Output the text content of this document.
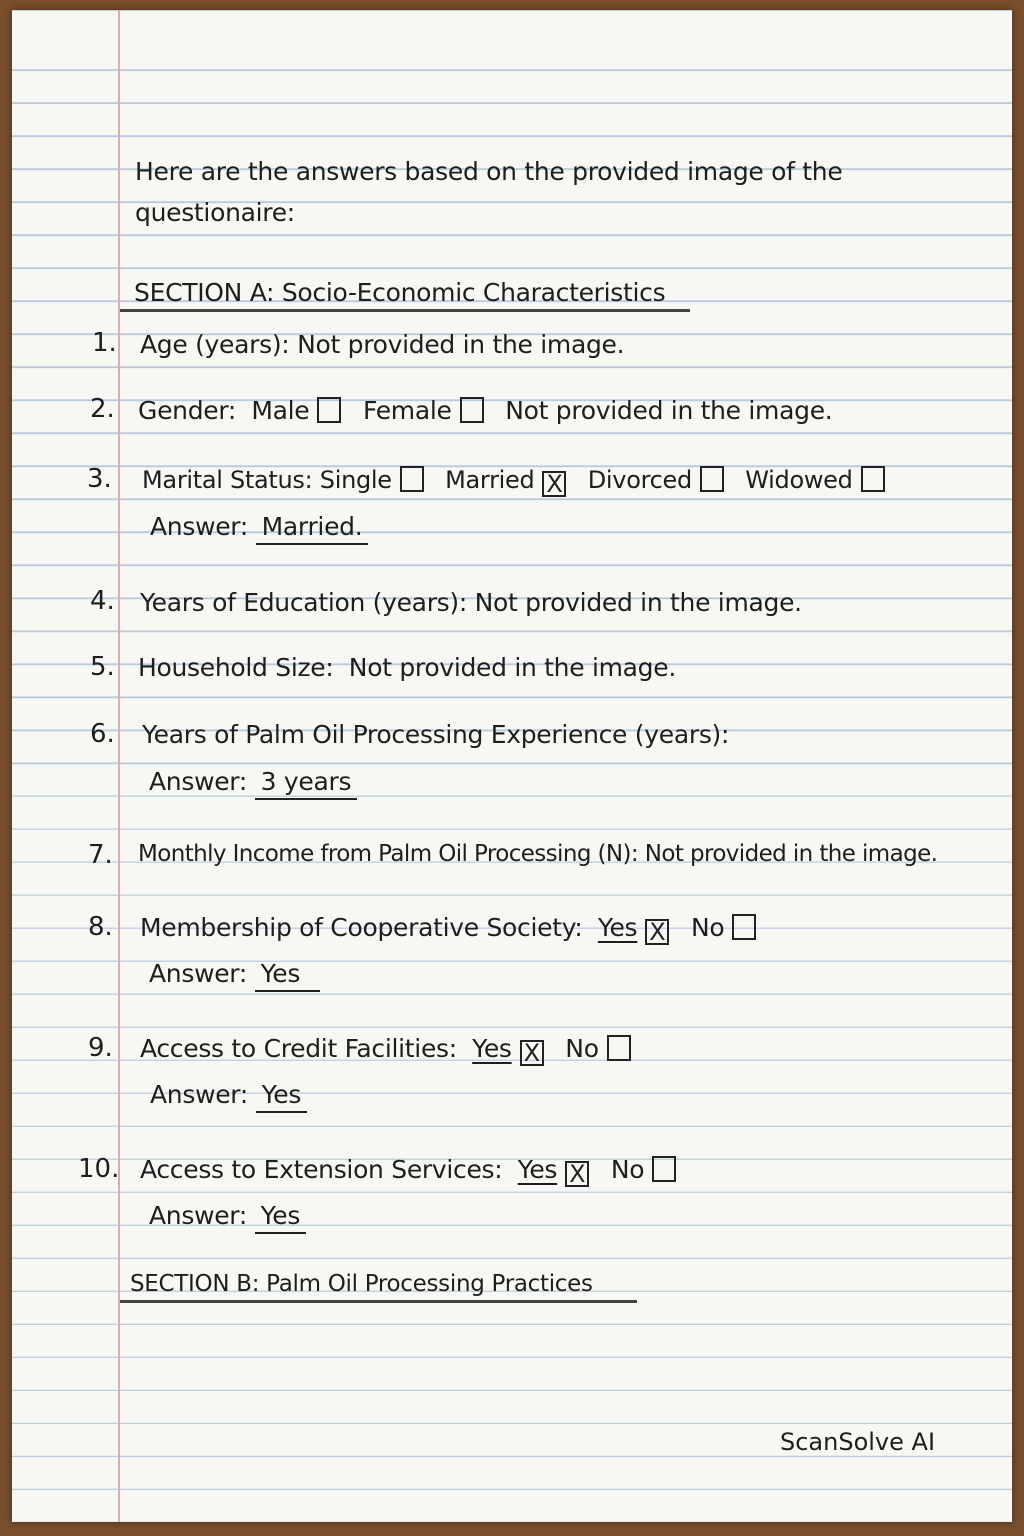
Here are the answers based on the provided image of the
questionaire:
SECTION A: Socio-Economic Characteristics
1. Age (years): Not provided in the image.
2. Gender: Male Female Not provided in the image.
3. Marital Status: Single Married X Divorced Widowed
Answer: Married.
4. Years of Education (years): Not provided in the image.
5. Household Size: Not provided in the image.
6. Years of Palm Oil Processing Experience (years):
Answer: 3 years
7. Monthly Income from Palm Oil Processing (N): Not provided in the image.
8. Membership of Cooperative Society: Yes X No
Answer: Yes
9. Access to Credit Facilities: Yes X No
Answer: Yes
10. Access to Extension Services: Yes X No
Answer: Yes
SECTION B: Palm Oil Processing Practices
ScanSolve AI
